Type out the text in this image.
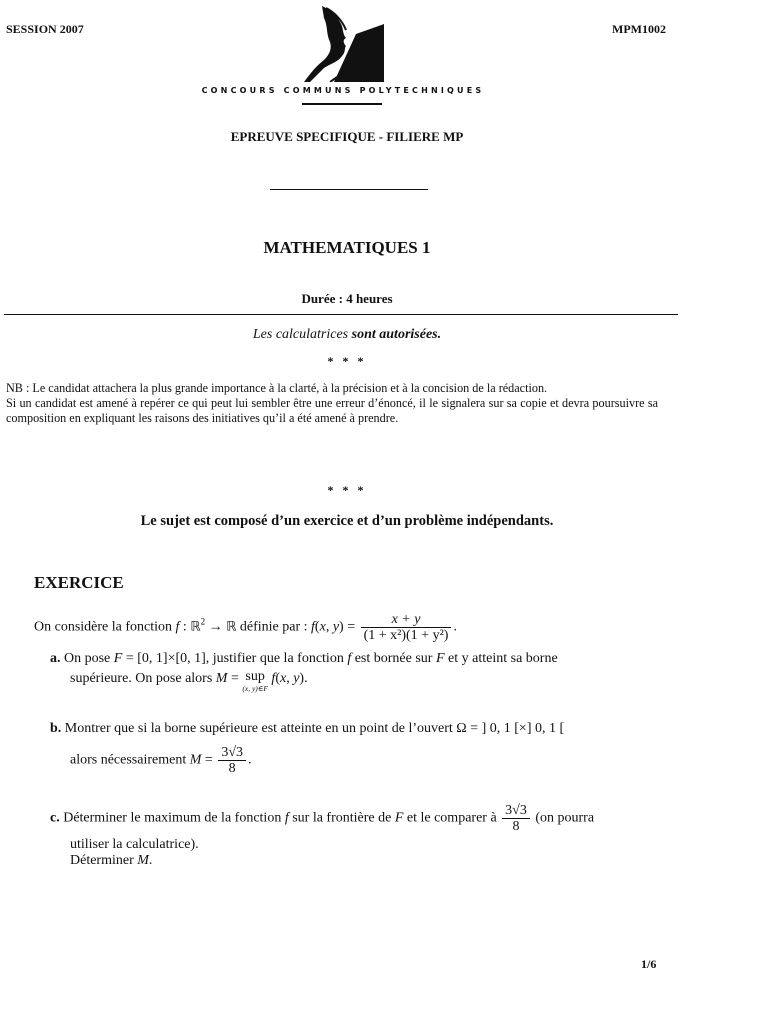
SESSION 2007	MPM1002
CONCOURS COMMUNS POLYTECHNIQUES
EPREUVE SPECIFIQUE - FILIERE MP
MATHEMATIQUES 1
Durée : 4 heures
Les calculatrices sont autorisées.
* * *

NB : Le candidat attachera la plus grande importance à la clarté, à la précision et à la concision de la rédaction.

Si un candidat est amené à repérer ce qui peut lui sembler être une erreur d’énoncé, il le signalera sur sa copie et devra poursuivre sa composition en expliquant les raisons des initiatives qu’il a été amené à prendre.

* * *
Le sujet est composé d’un exercice et d’un problème indépendants.
EXERCICE
On considère la fonction f : ℝ$^2$ → ℝ définie par : f(x, $y) = \frac{x + y}{\text{(1 + x²)(1 + y²)}}$ .
a. On pose F = [0, 1]×[0, 1], justifier que la fonction f est bornée sur F et y atteint sa borne
supérieure. On pose alors M = sup
(x, y)∈F
f(x, y).
b. Montrer que si la borne supérieure est atteinte en un point de l’ouvert Ω = ] 0, 1 [×] 0, 1 [
alors nécessairement $M = \frac{3√3}{8}$ .
c. Déterminer le maximum de la fonction f sur la frontière de F et le comparer à $\frac{3√3}{8} (on$ pourra
utiliser la calculatrice).
Déterminer M.
1/6
